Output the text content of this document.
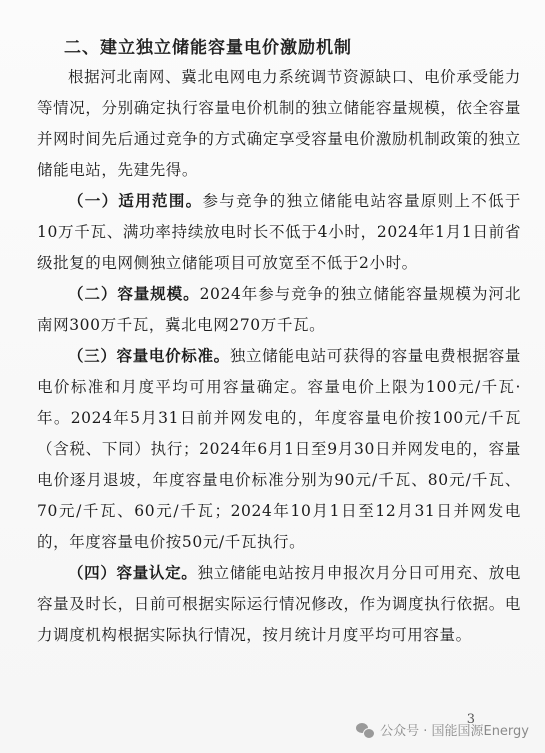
二、建立独立储能容量电价激励机制

根据河北南网、冀北电网电力系统调节资源缺口、电价承受能力等情况，分别确定执行容量电价机制的独立储能容量规模，依全容量并网时间先后通过竞争的方式确定享受容量电价激励机制政策的独立储能电站，先建先得。

（一）适用范围。参与竞争的独立储能电站容量原则上不低于10万千瓦、满功率持续放电时长不低于4小时，2024年1月1日前省级批复的电网侧独立储能项目可放宽至不低于2小时。

（二）容量规模。2024年参与竞争的独立储能容量规模为河北南网300万千瓦，冀北电网270万千瓦。

（三）容量电价标准。独立储能电站可获得的容量电费根据容量电价标准和月度平均可用容量确定。容量电价上限为100元/千瓦·年。2024年5月31日前并网发电的，年度容量电价按100元/千瓦（含税、下同）执行；2024年6月1日至9月30日并网发电的，容量电价逐月退坡，年度容量电价标准分别为90元/千瓦、80元/千瓦、70元/千瓦、60元/千瓦；2024年10月1日至12月31日并网发电的，年度容量电价按50元/千瓦执行。

（四）容量认定。独立储能电站按月申报次月分日可用充、放电容量及时长，日前可根据实际运行情况修改，作为调度执行依据。电力调度机构根据实际执行情况，按月统计月度平均可用容量。

3
公众号 · 国能国源Energy
